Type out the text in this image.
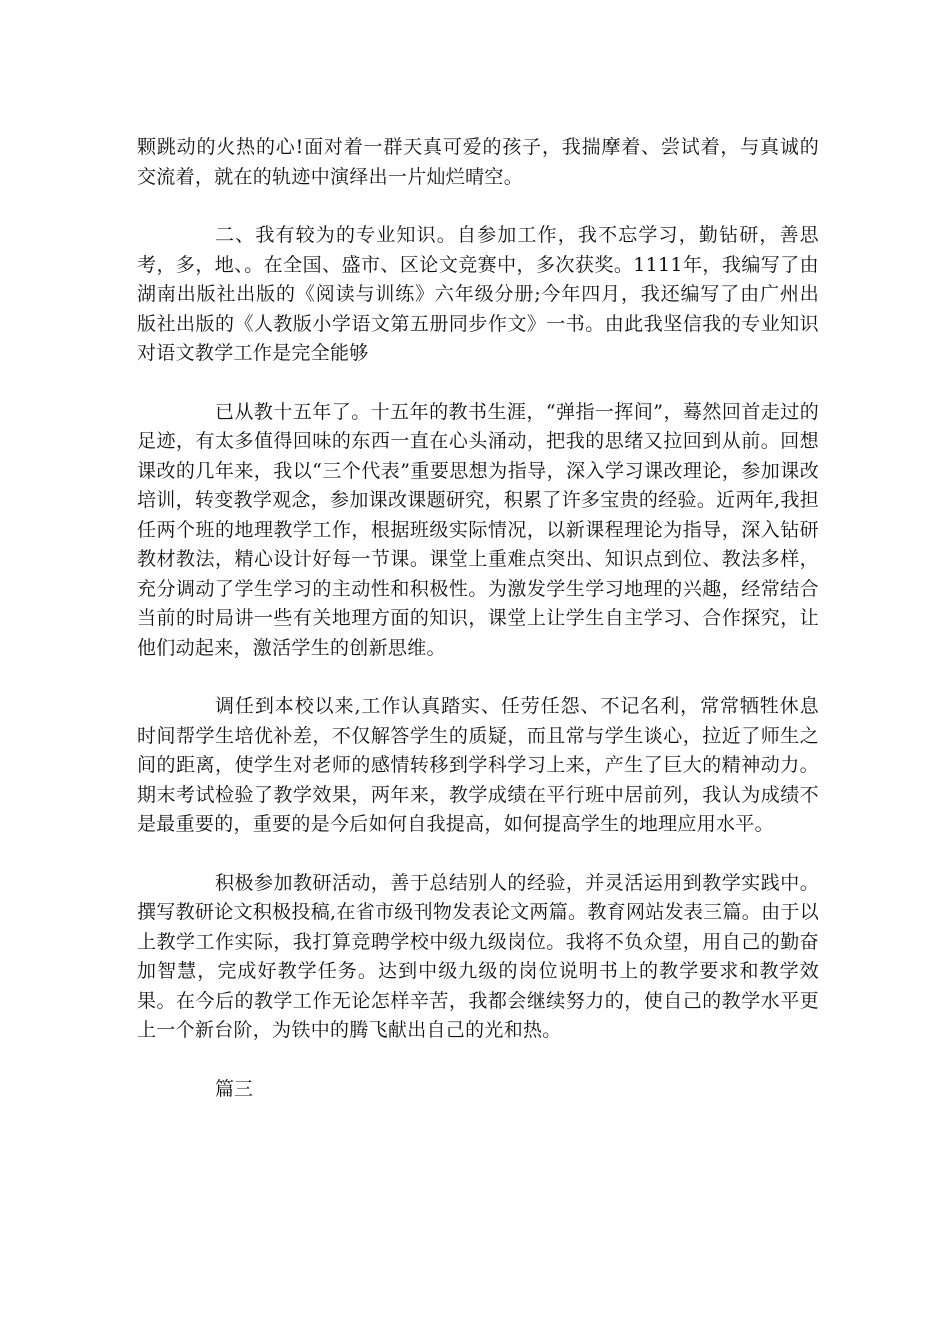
颗跳动的火热的心!面对着一群天真可爱的孩子，我揣摩着、尝试着，与真诚的交流着，就在的轨迹中演绎出一片灿烂晴空。

二、我有较为的专业知识。自参加工作，我不忘学习，勤钻研，善思考，多，地、。在全国、盛市、区论文竞赛中，多次获奖。1111年，我编写了由湖南出版社出版的《阅读与训练》六年级分册;今年四月，我还编写了由广州出版社出版的《人教版小学语文第五册同步作文》一书。由此我坚信我的专业知识对语文教学工作是完全能够

已从教十五年了。十五年的教书生涯，“弹指一挥间”，蓦然回首走过的足迹，有太多值得回味的东西一直在心头涌动，把我的思绪又拉回到从前。回想课改的几年来，我以“三个代表”重要思想为指导，深入学习课改理论，参加课改培训，转变教学观念，参加课改课题研究，积累了许多宝贵的经验。近两年,我担任两个班的地理教学工作，根据班级实际情况，以新课程理论为指导，深入钻研教材教法，精心设计好每一节课。课堂上重难点突出、知识点到位、教法多样，充分调动了学生学习的主动性和积极性。为激发学生学习地理的兴趣，经常结合当前的时局讲一些有关地理方面的知识，课堂上让学生自主学习、合作探究，让他们动起来，激活学生的创新思维。

调任到本校以来,工作认真踏实、任劳任怨、不记名利，常常牺牲休息时间帮学生培优补差，不仅解答学生的质疑，而且常与学生谈心，拉近了师生之间的距离，使学生对老师的感情转移到学科学习上来，产生了巨大的精神动力。期末考试检验了教学效果，两年来，教学成绩在平行班中居前列，我认为成绩不是最重要的，重要的是今后如何自我提高，如何提高学生的地理应用水平。

积极参加教研活动，善于总结别人的经验，并灵活运用到教学实践中。撰写教研论文积极投稿,在省市级刊物发表论文两篇。教育网站发表三篇。由于以上教学工作实际，我打算竞聘学校中级九级岗位。我将不负众望，用自己的勤奋加智慧，完成好教学任务。达到中级九级的岗位说明书上的教学要求和教学效果。在今后的教学工作无论怎样辛苦，我都会继续努力的，使自己的教学水平更上一个新台阶，为铁中的腾飞献出自己的光和热。

篇三
